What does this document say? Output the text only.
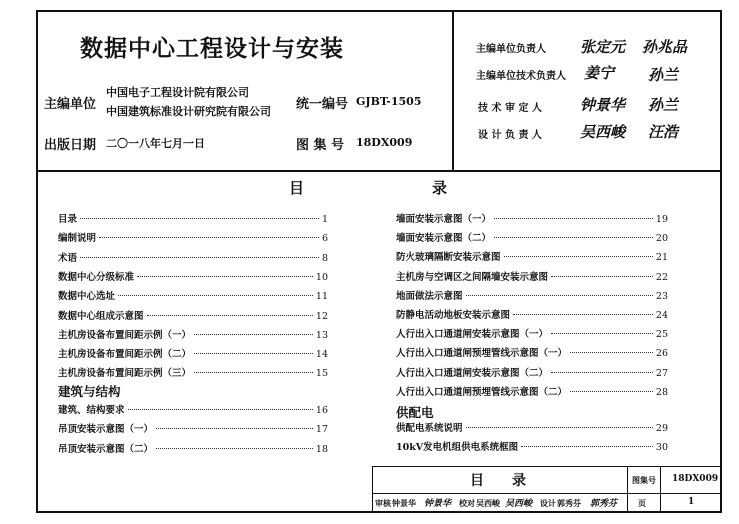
数据中心工程设计与安装
主编单位
中国电子工程设计院有限公司
中国建筑标准设计研究院有限公司 统一编号 GJBT-1505
出版日期 二〇一八年七月一日	图 集 号 18DX009
主编单位负责人 张定元 孙兆品
主编单位技术负责人 姜宁 孙兰
技 术 审 定 人	钟景华 孙兰
设 计 负 责 人	吴西峻 汪浩
目	录
目录	1
编制说明	6
术语	8
数据中心分级标准	10
数据中心选址	11
数据中心组成示意图	12
主机房设备布置间距示例（一）	13
主机房设备布置间距示例（二）	14
主机房设备布置间距示例（三）	15
建筑、结构要求	16
吊顶安装示意图（一）	17
吊顶安装示意图（二）	18
墙面安装示意图（一）	19
墙面安装示意图（二）	20
防火玻璃隔断安装示意图	21
主机房与空调区之间隔墙安装示意图	22
地面做法示意图	23
防静电活动地板安装示意图	24
人行出入口通道闸安装示意图（一）	25
人行出入口通道闸预埋管线示意图（一）	26
人行出入口通道闸安装示意图（二）	27
人行出入口通道闸预埋管线示意图（二）	28
供配电系统说明	29
10kV发电机组供电系统框图	30
建筑与结构
供配电
目　　录	图集号 18DX009
页	1
审核 钟景华 钟景华 校对 吴西峻 吴西峻 设计 郭秀芬 郭秀芬
